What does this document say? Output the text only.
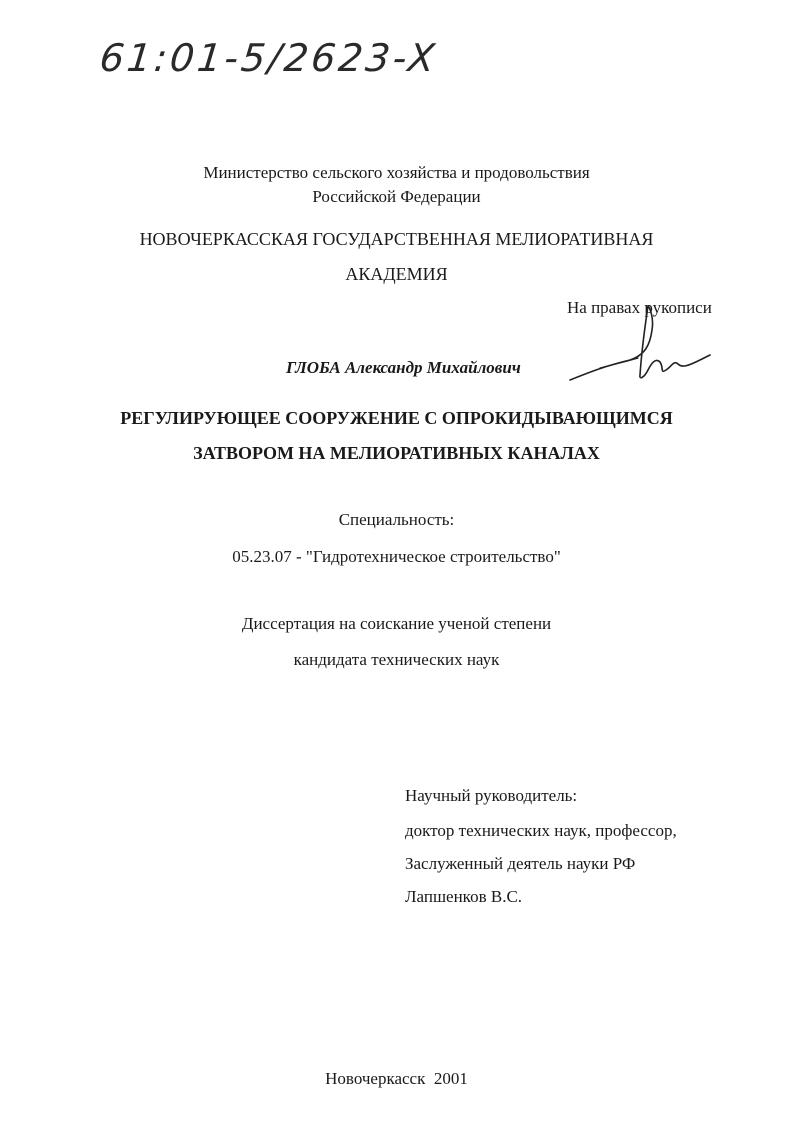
61:01-5/2623-X
Министерство сельского хозяйства и продовольствия
Российской Федерации
НОВОЧЕРКАССКАЯ ГОСУДАРСТВЕННАЯ МЕЛИОРАТИВНАЯ
АКАДЕМИЯ
На правах рукописи
ГЛОБА Александр Михайлович
РЕГУЛИРУЮЩЕЕ СООРУЖЕНИЕ С ОПРОКИДЫВАЮЩИМСЯ
ЗАТВОРОМ НА МЕЛИОРАТИВНЫХ КАНАЛАХ
Специальность:
05.23.07 - "Гидротехническое строительство"
Диссертация на соискание ученой степени
кандидата технических наук
Научный руководитель:
доктор технических наук, профессор,
Заслуженный деятель науки РФ
Лапшенков В.С.
Новочеркасск  2001
